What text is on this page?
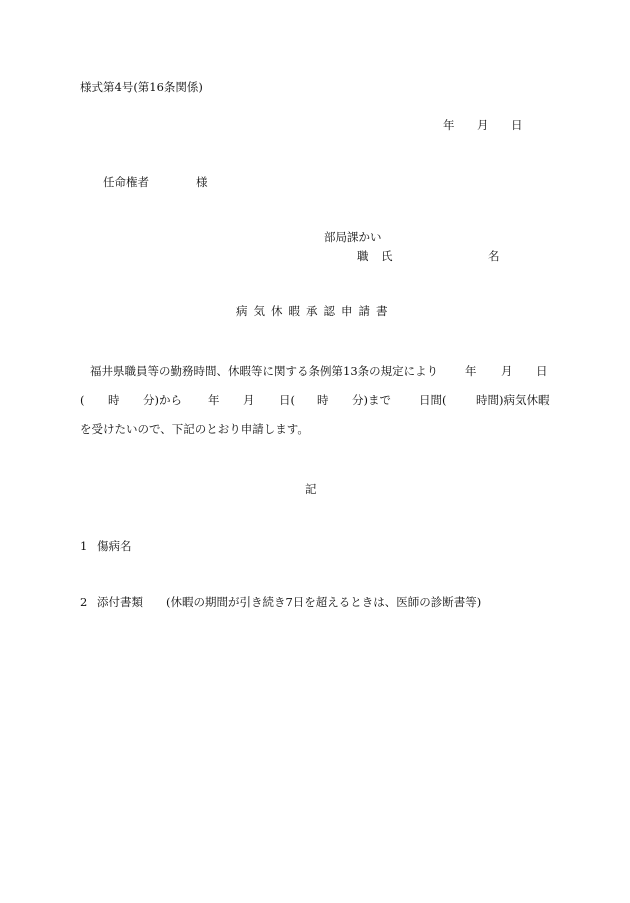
様式第4号(第16条関係)
年 月 日
任命権者	様
部局課かい
職 氏	名
病気休暇承認申請書
福井県職員等の勤務時間、休暇等に関する条例第13条の規定により 年 月 日
( 時 分)から 年 月 日( 時 分)まで 日間(	時間)病気休暇
を受けたいので、下記のとおり申請します。
記
1 傷病名
2 添付書類 (休暇の期間が引き続き7日を超えるときは、医師の診断書等)
